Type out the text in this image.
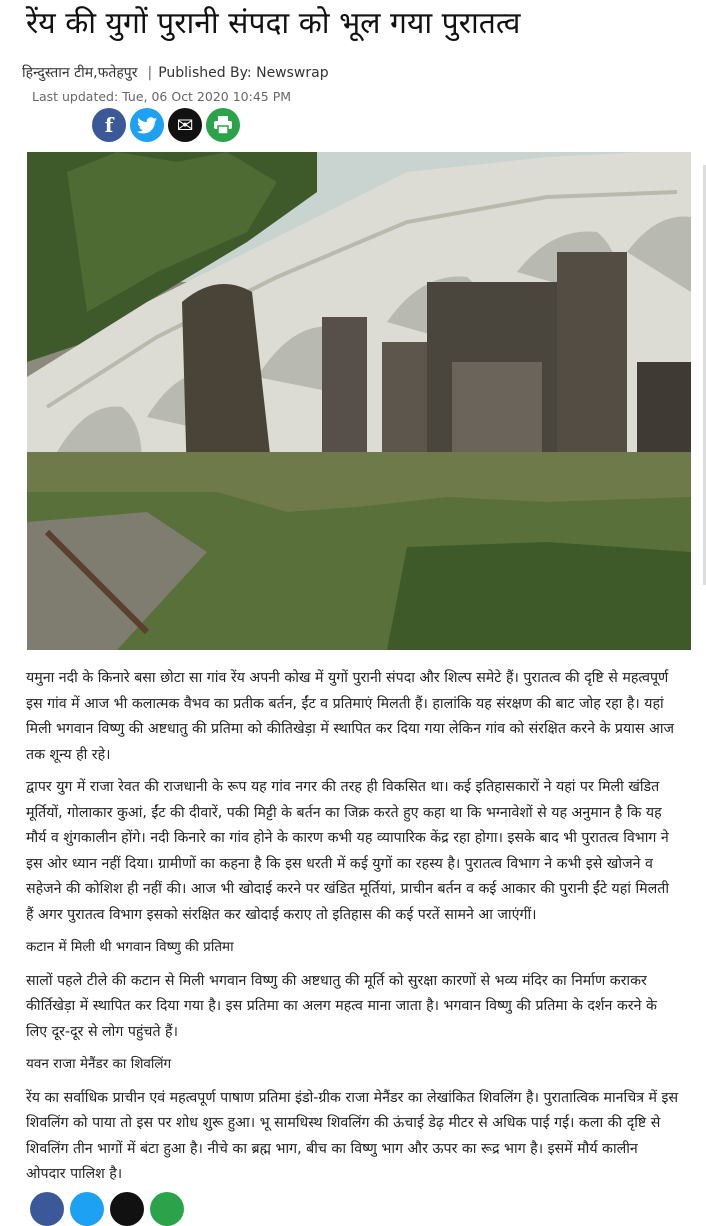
रेंय की युगों पुरानी संपदा को भूल गया पुरातत्व
हिन्दुस्तान टीम,फतेहपुर | Published By: Newswrap
Last updated: Tue, 06 Oct 2020 10:45 PM
f	✉

यमुना नदी के किनारे बसा छोटा सा गांव रेंय अपनी कोख में युगों पुरानी संपदा और शिल्प समेटे हैं। पुरातत्व की दृष्टि से महत्वपूर्ण इस गांव में आज भी कलात्मक वैभव का प्रतीक बर्तन, ईंट व प्रतिमाएं मिलती हैं। हालांकि यह संरक्षण की बाट जोह रहा है। यहां मिली भगवान विष्णु की अष्टधातु की प्रतिमा को कीतिखेड़ा में स्थापित कर दिया गया लेकिन गांव को संरक्षित करने के प्रयास आज तक शून्य ही रहे।

द्वापर युग में राजा रेवत की राजधानी के रूप यह गांव नगर की तरह ही विकसित था। कई इतिहासकारों ने यहां पर मिली खंडित मूर्तियों, गोलाकार कुआं, ईंट की दीवारें, पकी मिट्टी के बर्तन का जिक्र करते हुए कहा था कि भग्नावेशों से यह अनुमान है कि यह मौर्य व शुंगकालीन होंगे। नदी किनारे का गांव होने के कारण कभी यह व्यापारिक केंद्र रहा होगा। इसके बाद भी पुरातत्व विभाग ने इस ओर ध्यान नहीं दिया। ग्रामीणों का कहना है कि इस धरती में कई युगों का रहस्य है। पुरातत्व विभाग ने कभी इसे खोजने व सहेजने की कोशिश ही नहीं की। आज भी खोदाई करने पर खंडित मूर्तियां, प्राचीन बर्तन व कई आकार की पुरानी ईंटे यहां मिलती हैं अगर पुरातत्व विभाग इसको संरक्षित कर खोदाई कराए तो इतिहास की कई परतें सामने आ जाएंगीं।

कटान में मिली थी भगवान विष्णु की प्रतिमा

सालों पहले टीले की कटान से मिली भगवान विष्णु की अष्टधातु की मूर्ति को सुरक्षा कारणों से भव्य मंदिर का निर्माण कराकर कीर्तिखेड़ा में स्थापित कर दिया गया है। इस प्रतिमा का अलग महत्व माना जाता है। भगवान विष्णु की प्रतिमा के दर्शन करने के लिए दूर-दूर से लोग पहुंचते हैं।

यवन राजा मेनैंडर का शिवलिंग

रेंय का सर्वाधिक प्राचीन एवं महत्वपूर्ण पाषाण प्रतिमा इंडो-ग्रीक राजा मेनैंडर का लेखांकित शिवलिंग है। पुरातात्विक मानचित्र में इस शिवलिंग को पाया तो इस पर शोध शुरू हुआ। भू सामधिस्थ शिवलिंग की ऊंचाई डेढ़ मीटर से अधिक पाई गई। कला की दृष्टि से शिवलिंग तीन भागों में बंटा हुआ है। नीचे का ब्रह्म भाग, बीच का विष्णु भाग और ऊपर का रूद्र भाग है। इसमें मौर्य कालीन ओपदार पालिश है।
